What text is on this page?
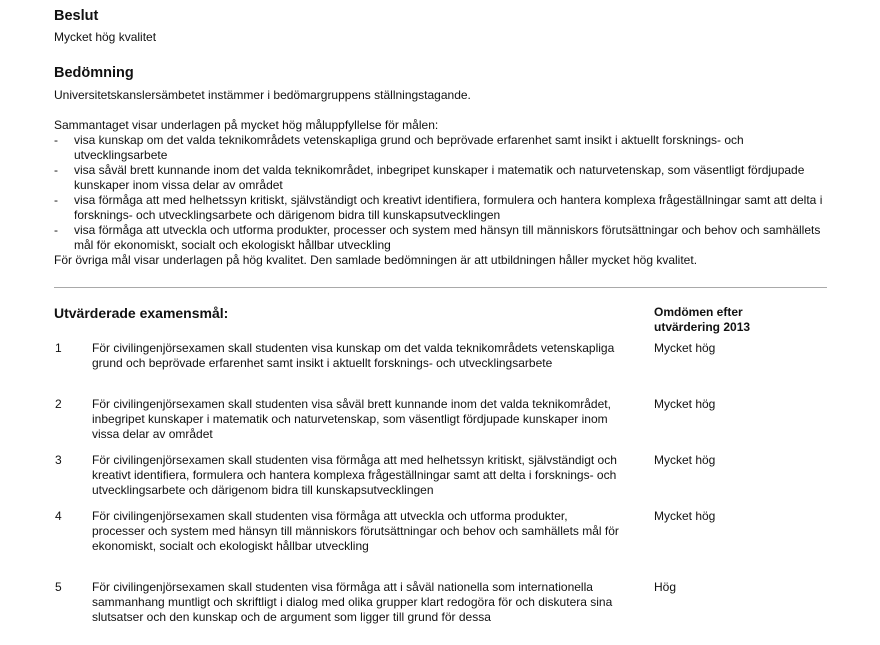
Beslut

Mycket hög kvalitet

Bedömning

Universitetskanslersämbetet instämmer i bedömargruppens ställningstagande.

Sammantaget visar underlagen på mycket hög måluppfyllelse för målen:

- visa kunskap om det valda teknikområdets vetenskapliga grund och beprövade erfarenhet samt insikt i aktuellt forsknings- och utvecklingsarbete
- visa såväl brett kunnande inom det valda teknikområdet, inbegripet kunskaper i matematik och naturvetenskap, som väsentligt fördjupade kunskaper inom vissa delar av området
- visa förmåga att med helhetssyn kritiskt, självständigt och kreativt identifiera, formulera och hantera komplexa frågeställningar samt att delta i forsknings- och utvecklingsarbete och därigenom bidra till kunskapsutvecklingen
- visa förmåga att utveckla och utforma produkter, processer och system med hänsyn till människors förutsättningar och behov och samhällets mål för ekonomiskt, socialt och ekologiskt hållbar utveckling

För övriga mål visar underlagen på hög kvalitet. Den samlade bedömningen är att utbildningen håller mycket hög kvalitet.

Utvärderade examensmål:	Omdömen efter utvärdering 2013

1	För civilingenjörsexamen skall studenten visa kunskap om det valda teknikområdets vetenskapliga grund och beprövade erfarenhet samt insikt i aktuellt forsknings- och utvecklingsarbete
Mycket hög
2	För civilingenjörsexamen skall studenten visa såväl brett kunnande inom det valda teknikområdet, inbegripet kunskaper i matematik och naturvetenskap, som väsentligt fördjupade kunskaper inom vissa delar av området
Mycket hög
3	För civilingenjörsexamen skall studenten visa förmåga att med helhetssyn kritiskt, självständigt och kreativt identifiera, formulera och hantera komplexa frågeställningar samt att delta i forsknings- och utvecklingsarbete och därigenom bidra till kunskapsutvecklingen
Mycket hög
4	För civilingenjörsexamen skall studenten visa förmåga att utveckla och utforma produkter, processer och system med hänsyn till människors förutsättningar och behov och samhällets mål för ekonomiskt, socialt och ekologiskt hållbar utveckling
Mycket hög
5	För civilingenjörsexamen skall studenten visa förmåga att i såväl nationella som internationella sammanhang muntligt och skriftligt i dialog med olika grupper klart redogöra för och diskutera sina slutsatser och den kunskap och de argument som ligger till grund för dessa
Hög
